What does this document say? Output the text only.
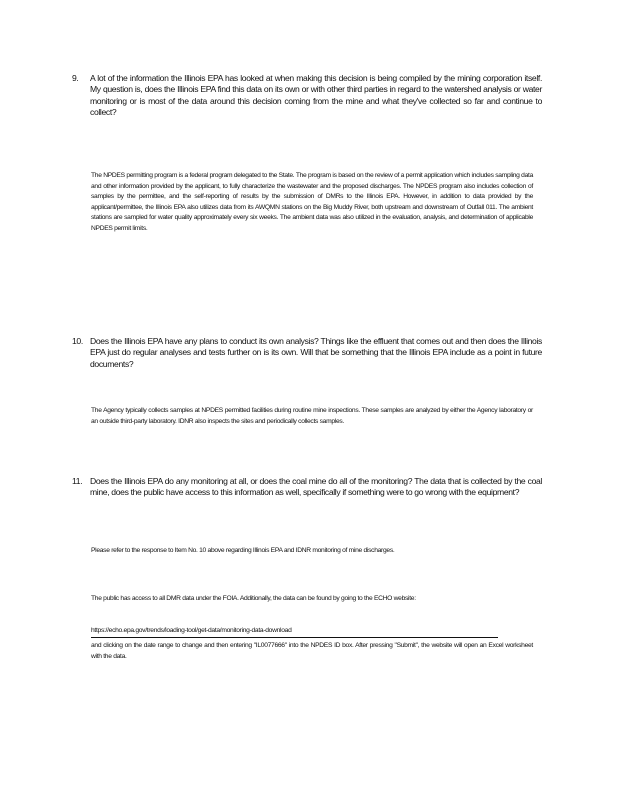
9. A lot of the information the Illinois EPA has looked at when making this decision is being compiled by the mining corporation itself. My question is, does the Illinois EPA find this data on its own or with other third parties in regard to the watershed analysis or water monitoring or is most of the data around this decision coming from the mine and what they've collected so far and continue to collect?

The NPDES permitting program is a federal program delegated to the State. The program is based on the review of a permit application which includes sampling data and other information provided by the applicant, to fully characterize the wastewater and the proposed discharges. The NPDES program also includes collection of samples by the permittee, and the self-reporting of results by the submission of DMRs to the Illinois EPA. However, in addition to data provided by the applicant/permittee, the Illinois EPA also utilizes data from its AWQMN stations on the Big Muddy River, both upstream and downstream of Outfall 011. The ambient stations are sampled for water quality approximately every six weeks. The ambient data was also utilized in the evaluation, analysis, and determination of applicable NPDES permit limits.

10. Does the Illinois EPA have any plans to conduct its own analysis? Things like the effluent that comes out and then does the Illinois EPA just do regular analyses and tests further on is its own. Will that be something that the Illinois EPA include as a point in future documents?

The Agency typically collects samples at NPDES permitted facilities during routine mine inspections. These samples are analyzed by either the Agency laboratory or an outside third-party laboratory. IDNR also inspects the sites and periodically collects samples.

11. Does the Illinois EPA do any monitoring at all, or does the coal mine do all of the monitoring? The data that is collected by the coal mine, does the public have access to this information as well, specifically if something were to go wrong with the equipment?

Please refer to the response to Item No. 10 above regarding Illinois EPA and IDNR monitoring of mine discharges.

The public has access to all DMR data under the FOIA. Additionally, the data can be found by going to the ECHO website:

https://echo.epa.gov/trends/loading-tool/get-data/monitoring-data-download
and clicking on the date range to change and then entering "IL0077666" into the NPDES ID box. After pressing "Submit", the website will open an Excel worksheet with the data.
